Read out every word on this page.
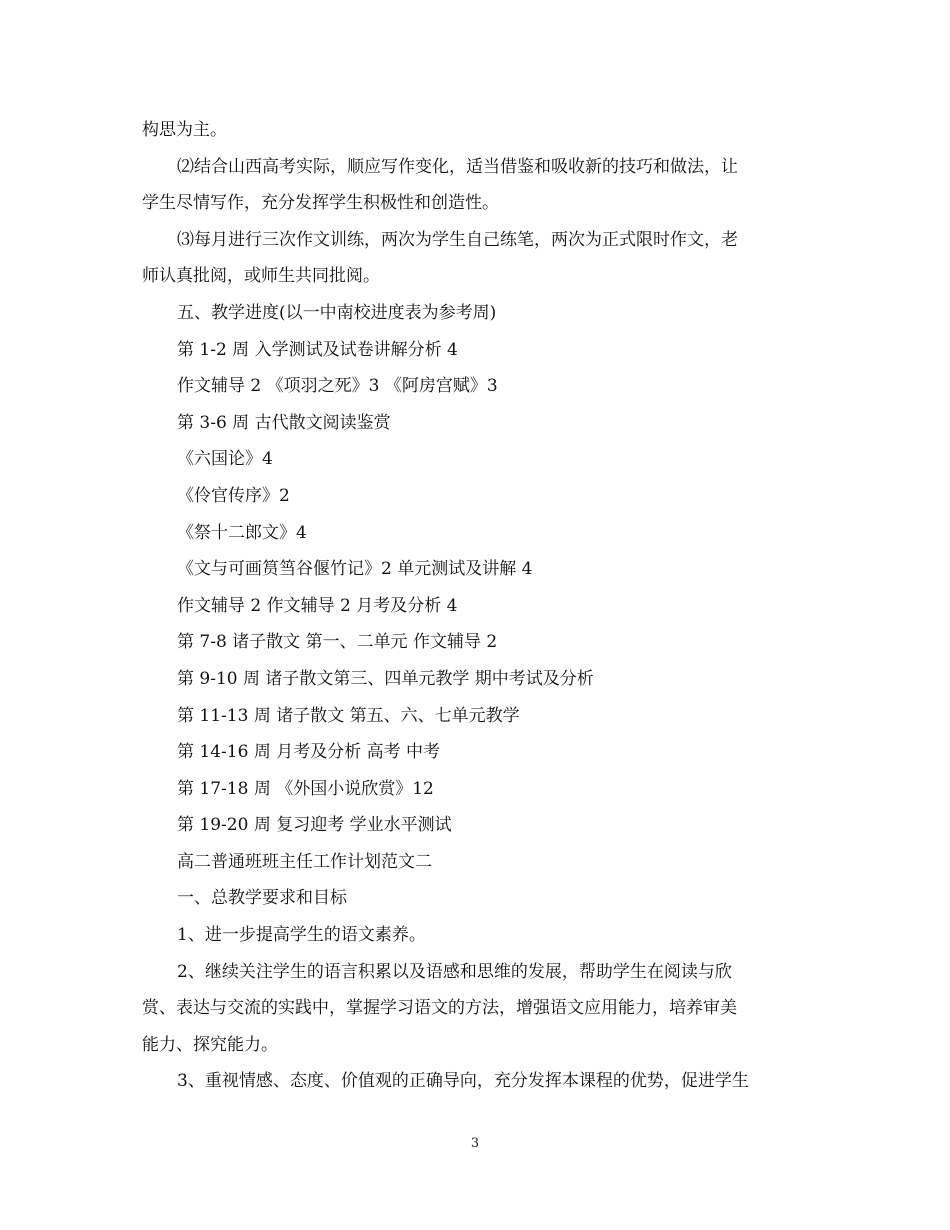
构思为主。
⑵结合山西高考实际，顺应写作变化，适当借鉴和吸收新的技巧和做法，让
学生尽情写作，充分发挥学生积极性和创造性。
⑶每月进行三次作文训练，两次为学生自己练笔，两次为正式限时作文，老
师认真批阅，或师生共同批阅。
五、教学进度(以一中南校进度表为参考周)
第 1-2 周 入学测试及试卷讲解分析 4
作文辅导 2 《项羽之死》3 《阿房宫赋》3
第 3-6 周 古代散文阅读鉴赏
《六国论》4
《伶官传序》2
《祭十二郎文》4
《文与可画筼筜谷偃竹记》2 单元测试及讲解 4
作文辅导 2 作文辅导 2 月考及分析 4
第 7-8 诸子散文 第一、二单元 作文辅导 2
第 9-10 周 诸子散文第三、四单元教学 期中考试及分析
第 11-13 周 诸子散文 第五、六、七单元教学
第 14-16 周 月考及分析 高考 中考
第 17-18 周 《外国小说欣赏》12
第 19-20 周 复习迎考 学业水平测试
高二普通班班主任工作计划范文二
一、总教学要求和目标
1、进一步提高学生的语文素养。
2、继续关注学生的语言积累以及语感和思维的发展，帮助学生在阅读与欣
赏、表达与交流的实践中，掌握学习语文的方法，增强语文应用能力，培养审美
能力、探究能力。
3、重视情感、态度、价值观的正确导向，充分发挥本课程的优势，促进学生
3
